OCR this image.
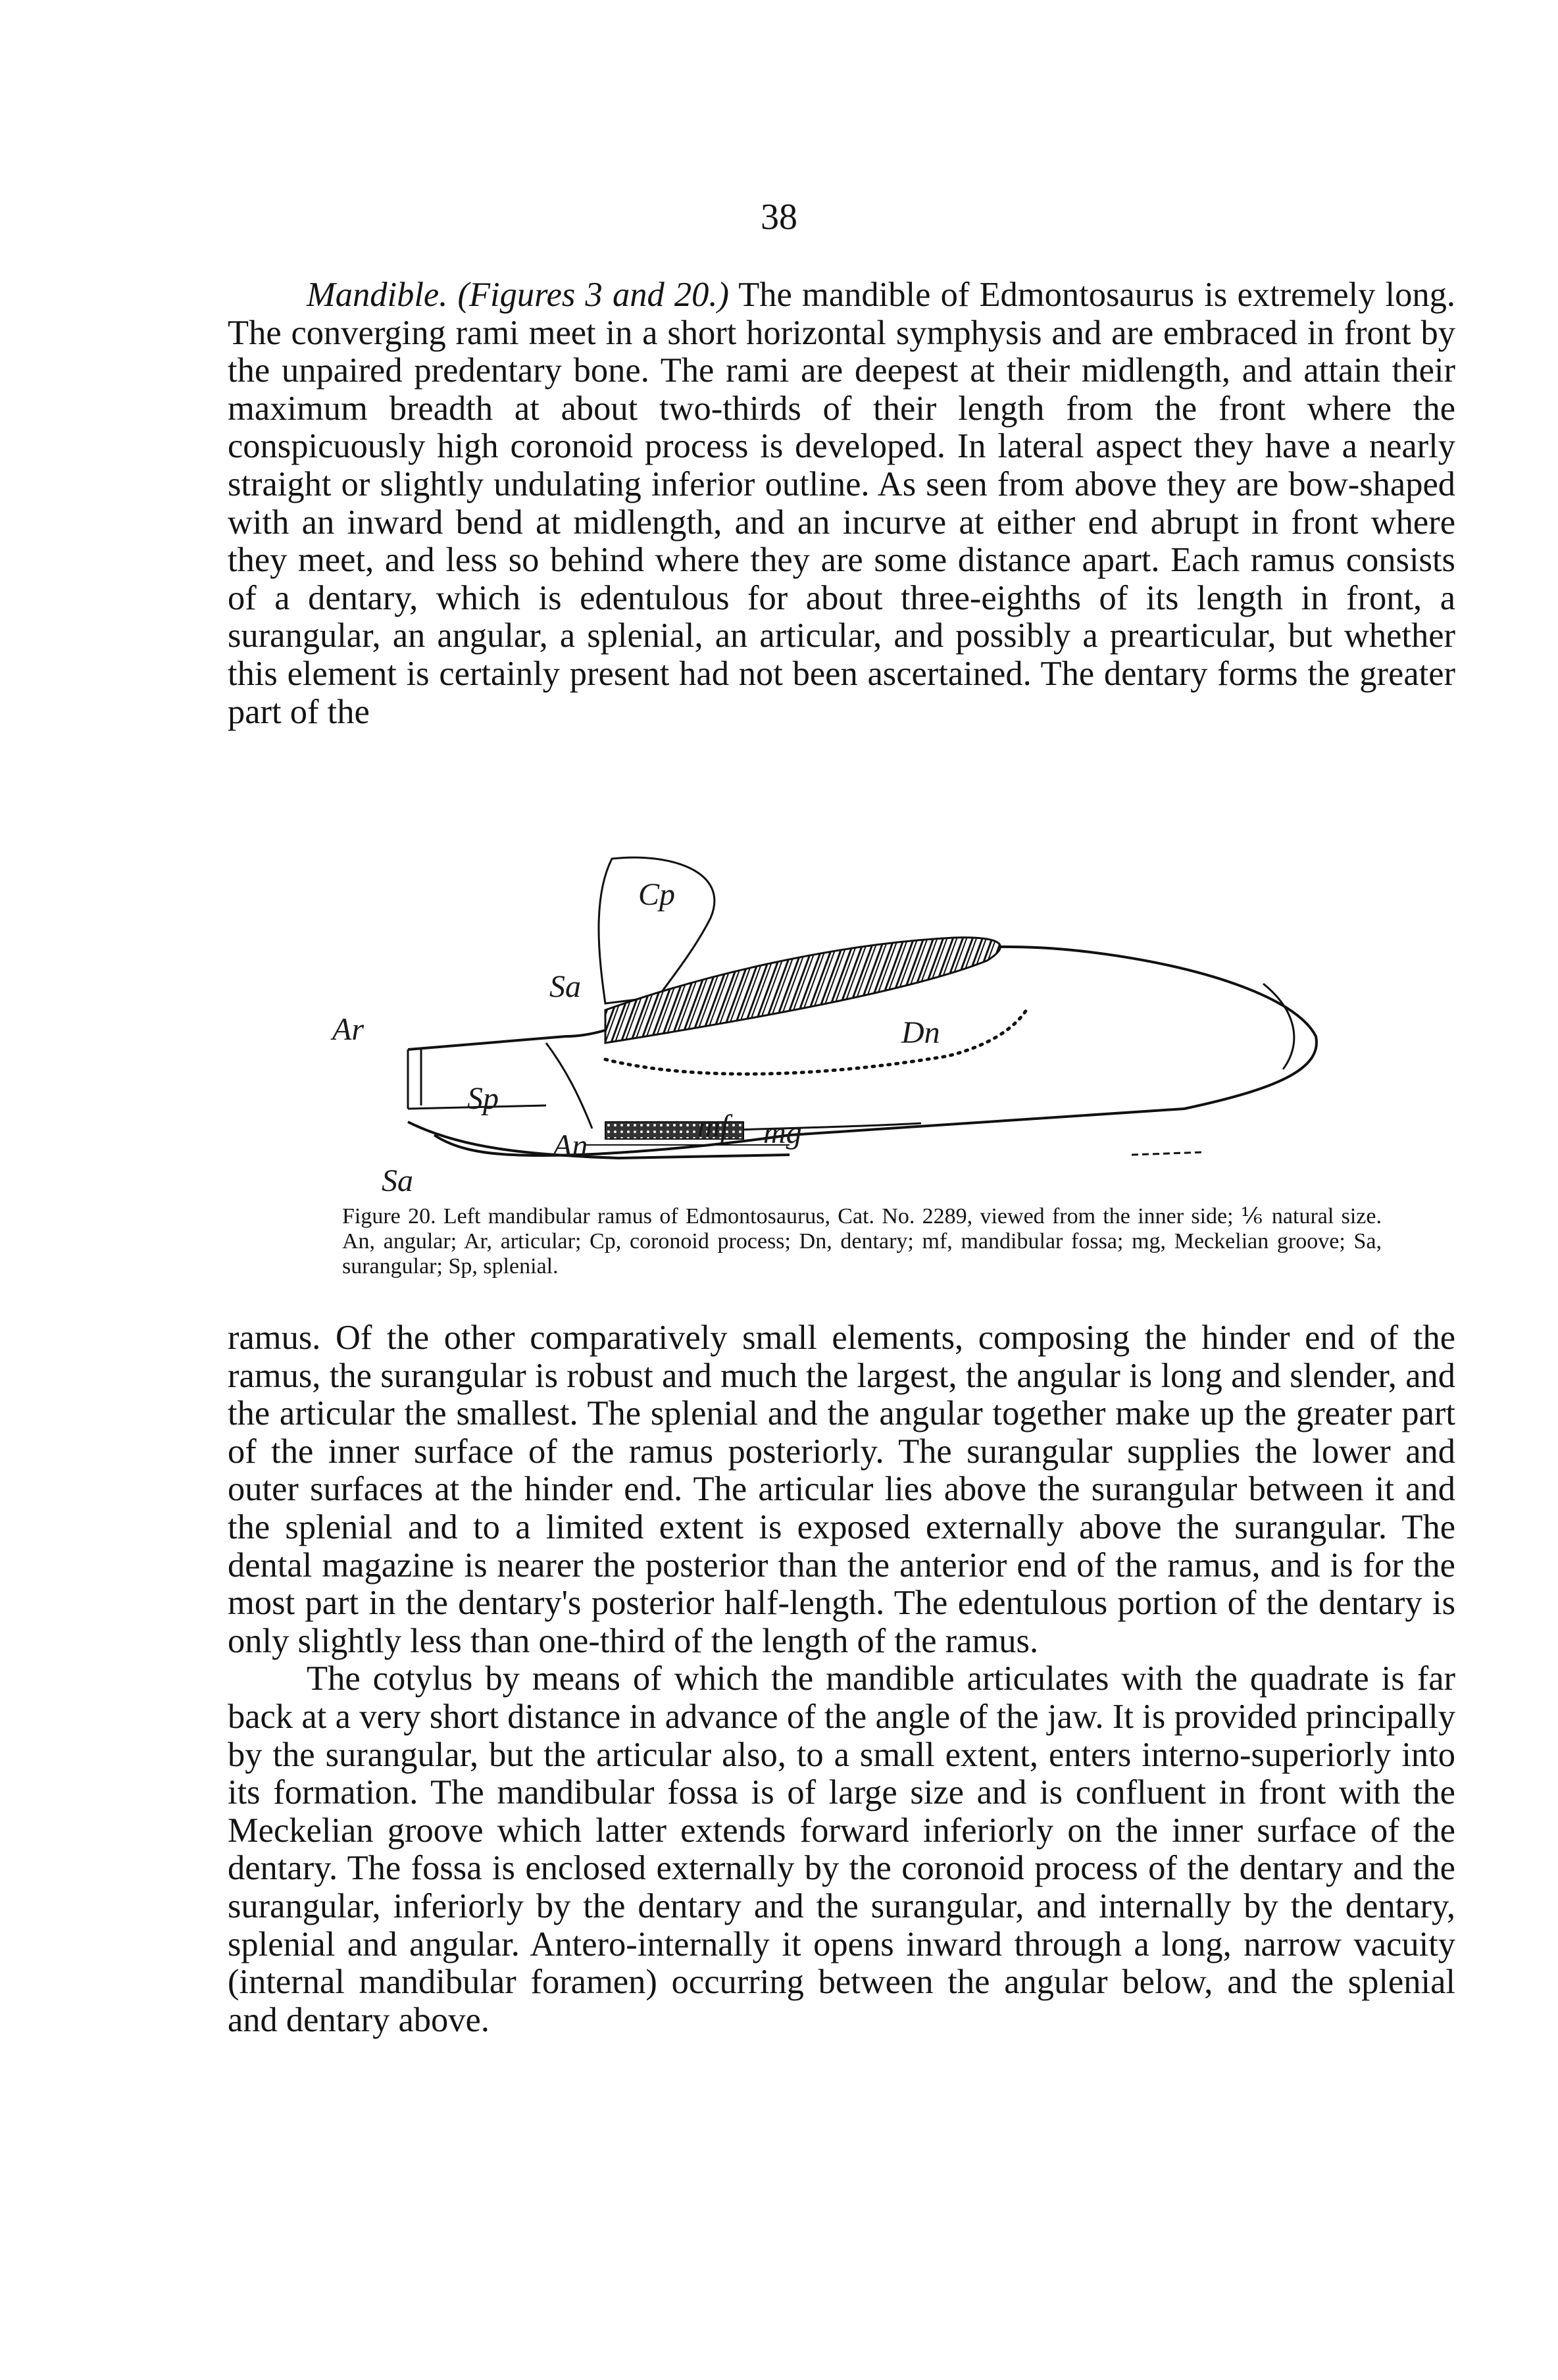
38

Mandible. (Figures 3 and 20.) The mandible of Edmontosaurus is extremely long. The converging rami meet in a short horizontal symphysis and are embraced in front by the unpaired predentary bone. The rami are deepest at their midlength, and attain their maximum breadth at about two-thirds of their length from the front where the conspicuously high coronoid process is developed. In lateral aspect they have a nearly straight or slightly undulating inferior outline. As seen from above they are bow-shaped with an inward bend at midlength, and an incurve at either end abrupt in front where they meet, and less so behind where they are some distance apart. Each ramus consists of a dentary, which is edentulous for about three-eighths of its length in front, a surangular, an angular, a splenial, an articular, and possibly a prearticular, but whether this element is certainly present had not been ascertained. The dentary forms the greater part of the

Cp
Sa
Ar	Dn
Sp
mf
An	mg
Sa
Figure 20. Left mandibular ramus of Edmontosaurus, Cat. No. 2289, viewed from the inner side; ⅙ natural size. An, angular; Ar, articular; Cp, coronoid process; Dn, dentary; mf, mandibular fossa; mg, Meckelian groove; Sa, surangular; Sp, splenial.

ramus. Of the other comparatively small elements, composing the hinder end of the ramus, the surangular is robust and much the largest, the angular is long and slender, and the articular the smallest. The splenial and the angular together make up the greater part of the inner surface of the ramus posteriorly. The surangular supplies the lower and outer surfaces at the hinder end. The articular lies above the surangular between it and the splenial and to a limited extent is exposed externally above the surangular. The dental magazine is nearer the posterior than the anterior end of the ramus, and is for the most part in the dentary's posterior half-length. The edentulous portion of the dentary is only slightly less than one-third of the length of the ramus.

The cotylus by means of which the mandible articulates with the quadrate is far back at a very short distance in advance of the angle of the jaw. It is provided principally by the surangular, but the articular also, to a small extent, enters interno-superiorly into its formation. The mandibular fossa is of large size and is confluent in front with the Meckelian groove which latter extends forward inferiorly on the inner surface of the dentary. The fossa is enclosed externally by the coronoid process of the dentary and the surangular, inferiorly by the dentary and the surangular, and internally by the dentary, splenial and angular. Antero-internally it opens inward through a long, narrow vacuity (internal mandibular foramen) occurring between the angular below, and the splenial and dentary above.
